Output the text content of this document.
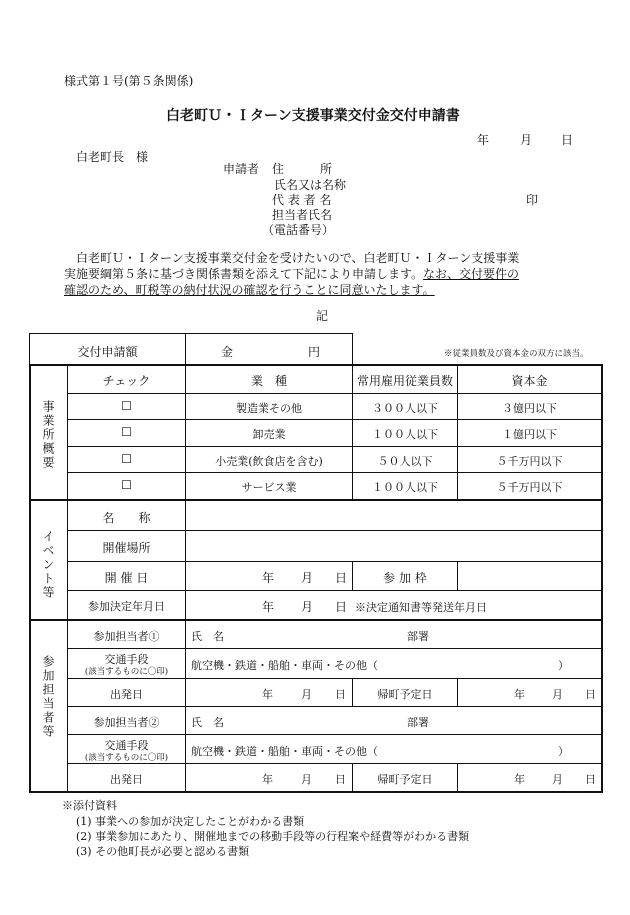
様式第１号(第５条関係)
白老町Ｕ・Ｉターン支援事業交付金交付申請書
年	月 日
白老町長　様
申請者 住　　　所
氏名又は名称
代 表 者 名	印
担当者氏名
（電話番号）
白老町Ｕ・Ｉターン支援事業交付金を受けたいので、白老町Ｕ・Ｉターン支援事業
実施要綱第５条に基づき関係書類を添えて下記により申請します。なお、交付要件の
確認のため、町税等の納付状況の確認を行うことに同意いたします。
記
交付申請額	金	円	※従業員数及び資本金の双方に該当。
事業所概要
チェック	業　種	常用雇用従業員数	資本金
☐	製造業その他	３００人以下	３億円以下
☐	卸売業	１００人以下	１億円以下
☐	小売業(飲食店を含む)	５０人以下	５千万円以下
☐	サービス業	１００人以下	５千万円以下
イベント等
名　　称
開催場所
開 催 日	年 月 日	参 加 枠
参加決定年月日	年 月 日 ※決定通知書等発送年月日
参加担当者等
参加担当者①	氏　名	部署
交通手段
(該当するものに〇印)	航空機・鉄道・船舶・車両・その他（	）
出発日	年	月 日	帰町予定日	年 月 日
参加担当者②	氏　名	部署
交通手段
(該当するものに〇印)	航空機・鉄道・船舶・車両・その他（	）
出発日	年	月 日	帰町予定日	年 月 日
※添付資料
(1) 事業への参加が決定したことがわかる書類
(2) 事業参加にあたり、開催地までの移動手段等の行程案や経費等がわかる書類
(3) その他町長が必要と認める書類
